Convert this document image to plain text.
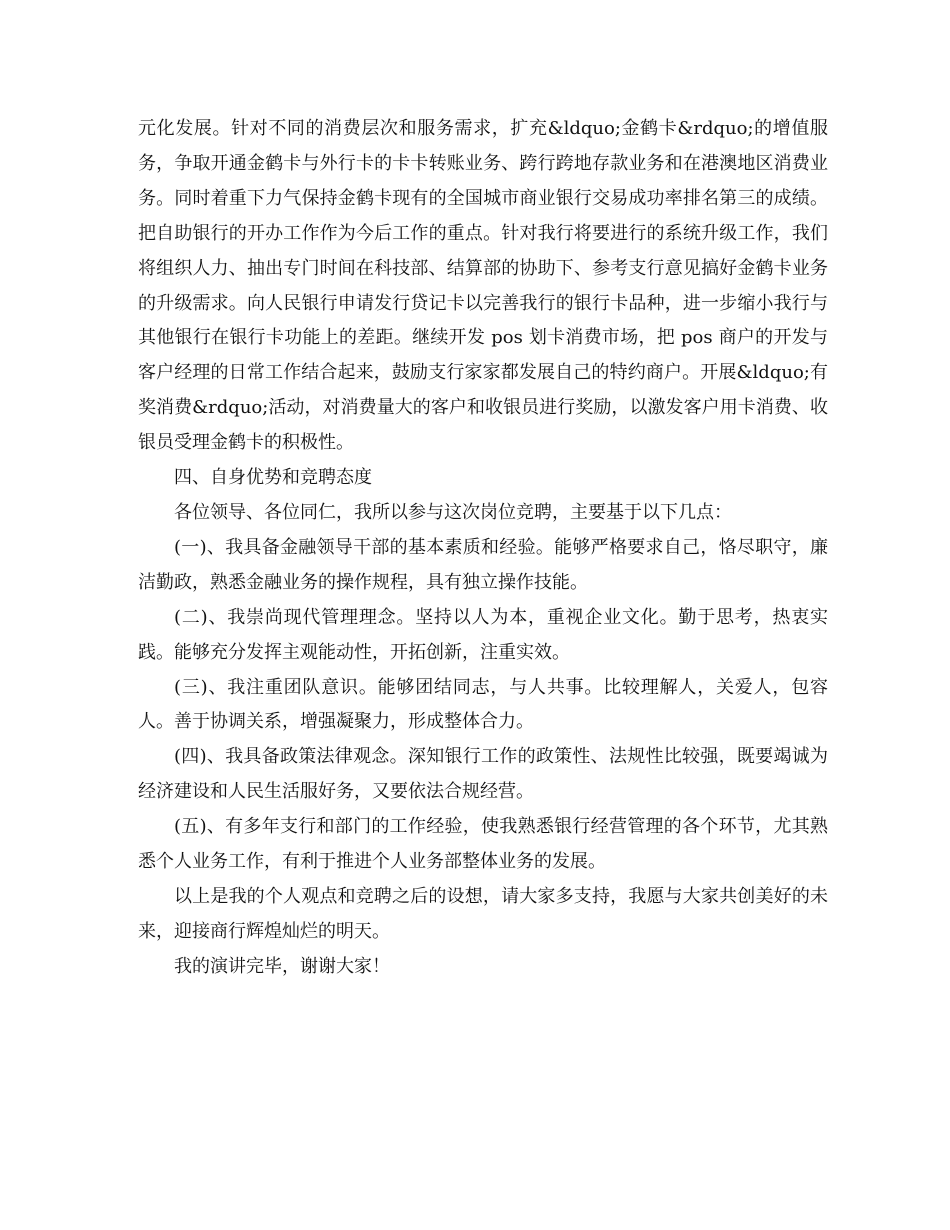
元化发展。针对不同的消费层次和服务需求，扩充&ldquo;金鹤卡&rdquo;的增值服务，争取开通金鹤卡与外行卡的卡卡转账业务、跨行跨地存款业务和在港澳地区消费业务。同时着重下力气保持金鹤卡现有的全国城市商业银行交易成功率排名第三的成绩。把自助银行的开办工作作为今后工作的重点。针对我行将要进行的系统升级工作，我们将组织人力、抽出专门时间在科技部、结算部的协助下、参考支行意见搞好金鹤卡业务的升级需求。向人民银行申请发行贷记卡以完善我行的银行卡品种，进一步缩小我行与其他银行在银行卡功能上的差距。继续开发 pos 划卡消费市场，把 pos 商户的开发与客户经理的日常工作结合起来，鼓励支行家家都发展自己的特约商户。开展&ldquo;有奖消费&rdquo;活动，对消费量大的客户和收银员进行奖励，以激发客户用卡消费、收银员受理金鹤卡的积极性。

四、自身优势和竞聘态度

各位领导、各位同仁，我所以参与这次岗位竞聘，主要基于以下几点：

(一)、我具备金融领导干部的基本素质和经验。能够严格要求自己，恪尽职守，廉洁勤政，熟悉金融业务的操作规程，具有独立操作技能。

(二)、我崇尚现代管理理念。坚持以人为本，重视企业文化。勤于思考，热衷实践。能够充分发挥主观能动性，开拓创新，注重实效。

(三)、我注重团队意识。能够团结同志，与人共事。比较理解人，关爱人，包容人。善于协调关系，增强凝聚力，形成整体合力。

(四)、我具备政策法律观念。深知银行工作的政策性、法规性比较强，既要竭诚为经济建设和人民生活服好务，又要依法合规经营。

(五)、有多年支行和部门的工作经验，使我熟悉银行经营管理的各个环节，尤其熟悉个人业务工作，有利于推进个人业务部整体业务的发展。

以上是我的个人观点和竞聘之后的设想，请大家多支持，我愿与大家共创美好的未来，迎接商行辉煌灿烂的明天。

我的演讲完毕，谢谢大家！
